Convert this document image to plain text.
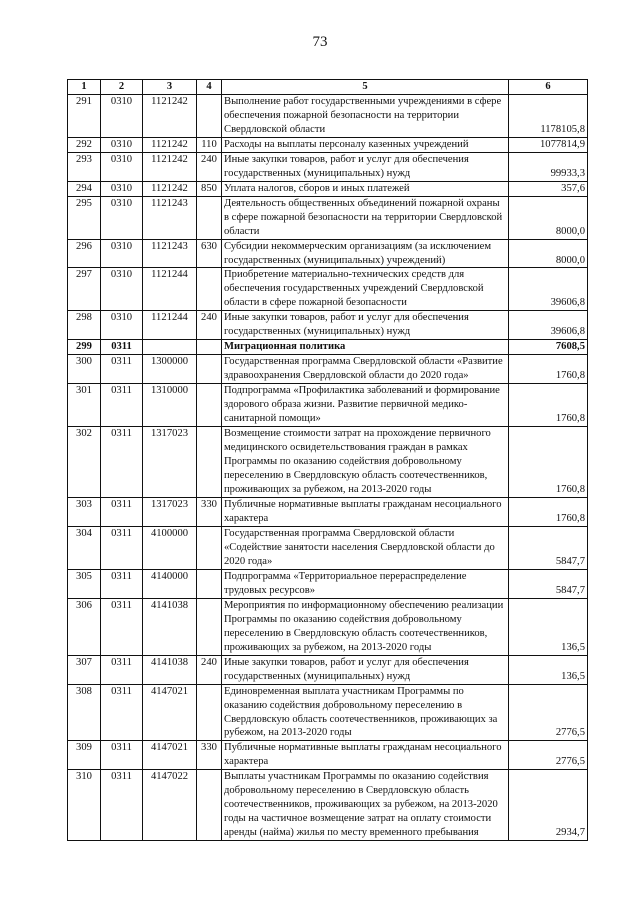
73
1	2	3	4	5	6
291	0310	1121242		Выполнение работ государственными учреждениями в сфере обеспечения пожарной безопасности на территории Свердловской области	1178105,8
292	0310	1121242	110	Расходы на выплаты персоналу казенных учреждений	1077814,9
293	0310	1121242	240	Иные закупки товаров, работ и услуг для обеспечения государственных (муниципальных) нужд	99933,3
294	0310	1121242	850	Уплата налогов, сборов и иных платежей	357,6
295	0310	1121243		Деятельность общественных объединений пожарной охраны в сфере пожарной безопасности на территории Свердловской области	8000,0
296	0310	1121243	630	Субсидии некоммерческим организациям (за исключением государственных (муниципальных) учреждений)	8000,0
297	0310	1121244		Приобретение материально-технических средств для обеспечения государственных учреждений Свердловской области в сфере пожарной безопасности	39606,8
298	0310	1121244	240	Иные закупки товаров, работ и услуг для обеспечения государственных (муниципальных) нужд	39606,8
299	0311			Миграционная политика	7608,5
300	0311	1300000		Государственная программа Свердловской области «Развитие здравоохранения Свердловской области до 2020 года»	1760,8
301	0311	1310000		Подпрограмма «Профилактика заболеваний и формирование здорового образа жизни. Развитие первичной медико-санитарной помощи»	1760,8
302	0311	1317023		Возмещение стоимости затрат на прохождение первичного медицинского освидетельствования граждан в рамках Программы по оказанию содействия добровольному переселению в Свердловскую область соотечественников, проживающих за рубежом, на 2013-2020 годы	1760,8
303	0311	1317023	330	Публичные нормативные выплаты гражданам несоциального характера	1760,8
304	0311	4100000		Государственная программа Свердловской области «Содействие занятости населения Свердловской области до 2020 года»	5847,7
305	0311	4140000		Подпрограмма «Территориальное перераспределение трудовых ресурсов»	5847,7
306	0311	4141038		Мероприятия по информационному обеспечению реализации Программы по оказанию содействия добровольному переселению в Свердловскую область соотечественников, проживающих за рубежом, на 2013-2020 годы	136,5
307	0311	4141038	240	Иные закупки товаров, работ и услуг для обеспечения государственных (муниципальных) нужд	136,5
308	0311	4147021		Единовременная выплата участникам Программы по оказанию содействия добровольному переселению в Свердловскую область соотечественников, проживающих за рубежом, на 2013-2020 годы	2776,5
309	0311	4147021	330	Публичные нормативные выплаты гражданам несоциального характера	2776,5
310	0311	4147022		Выплаты участникам Программы по оказанию содействия добровольному переселению в Свердловскую область соотечественников, проживающих за рубежом, на 2013-2020 годы на частичное возмещение затрат на оплату стоимости аренды (найма) жилья по месту временного пребывания	2934,7
